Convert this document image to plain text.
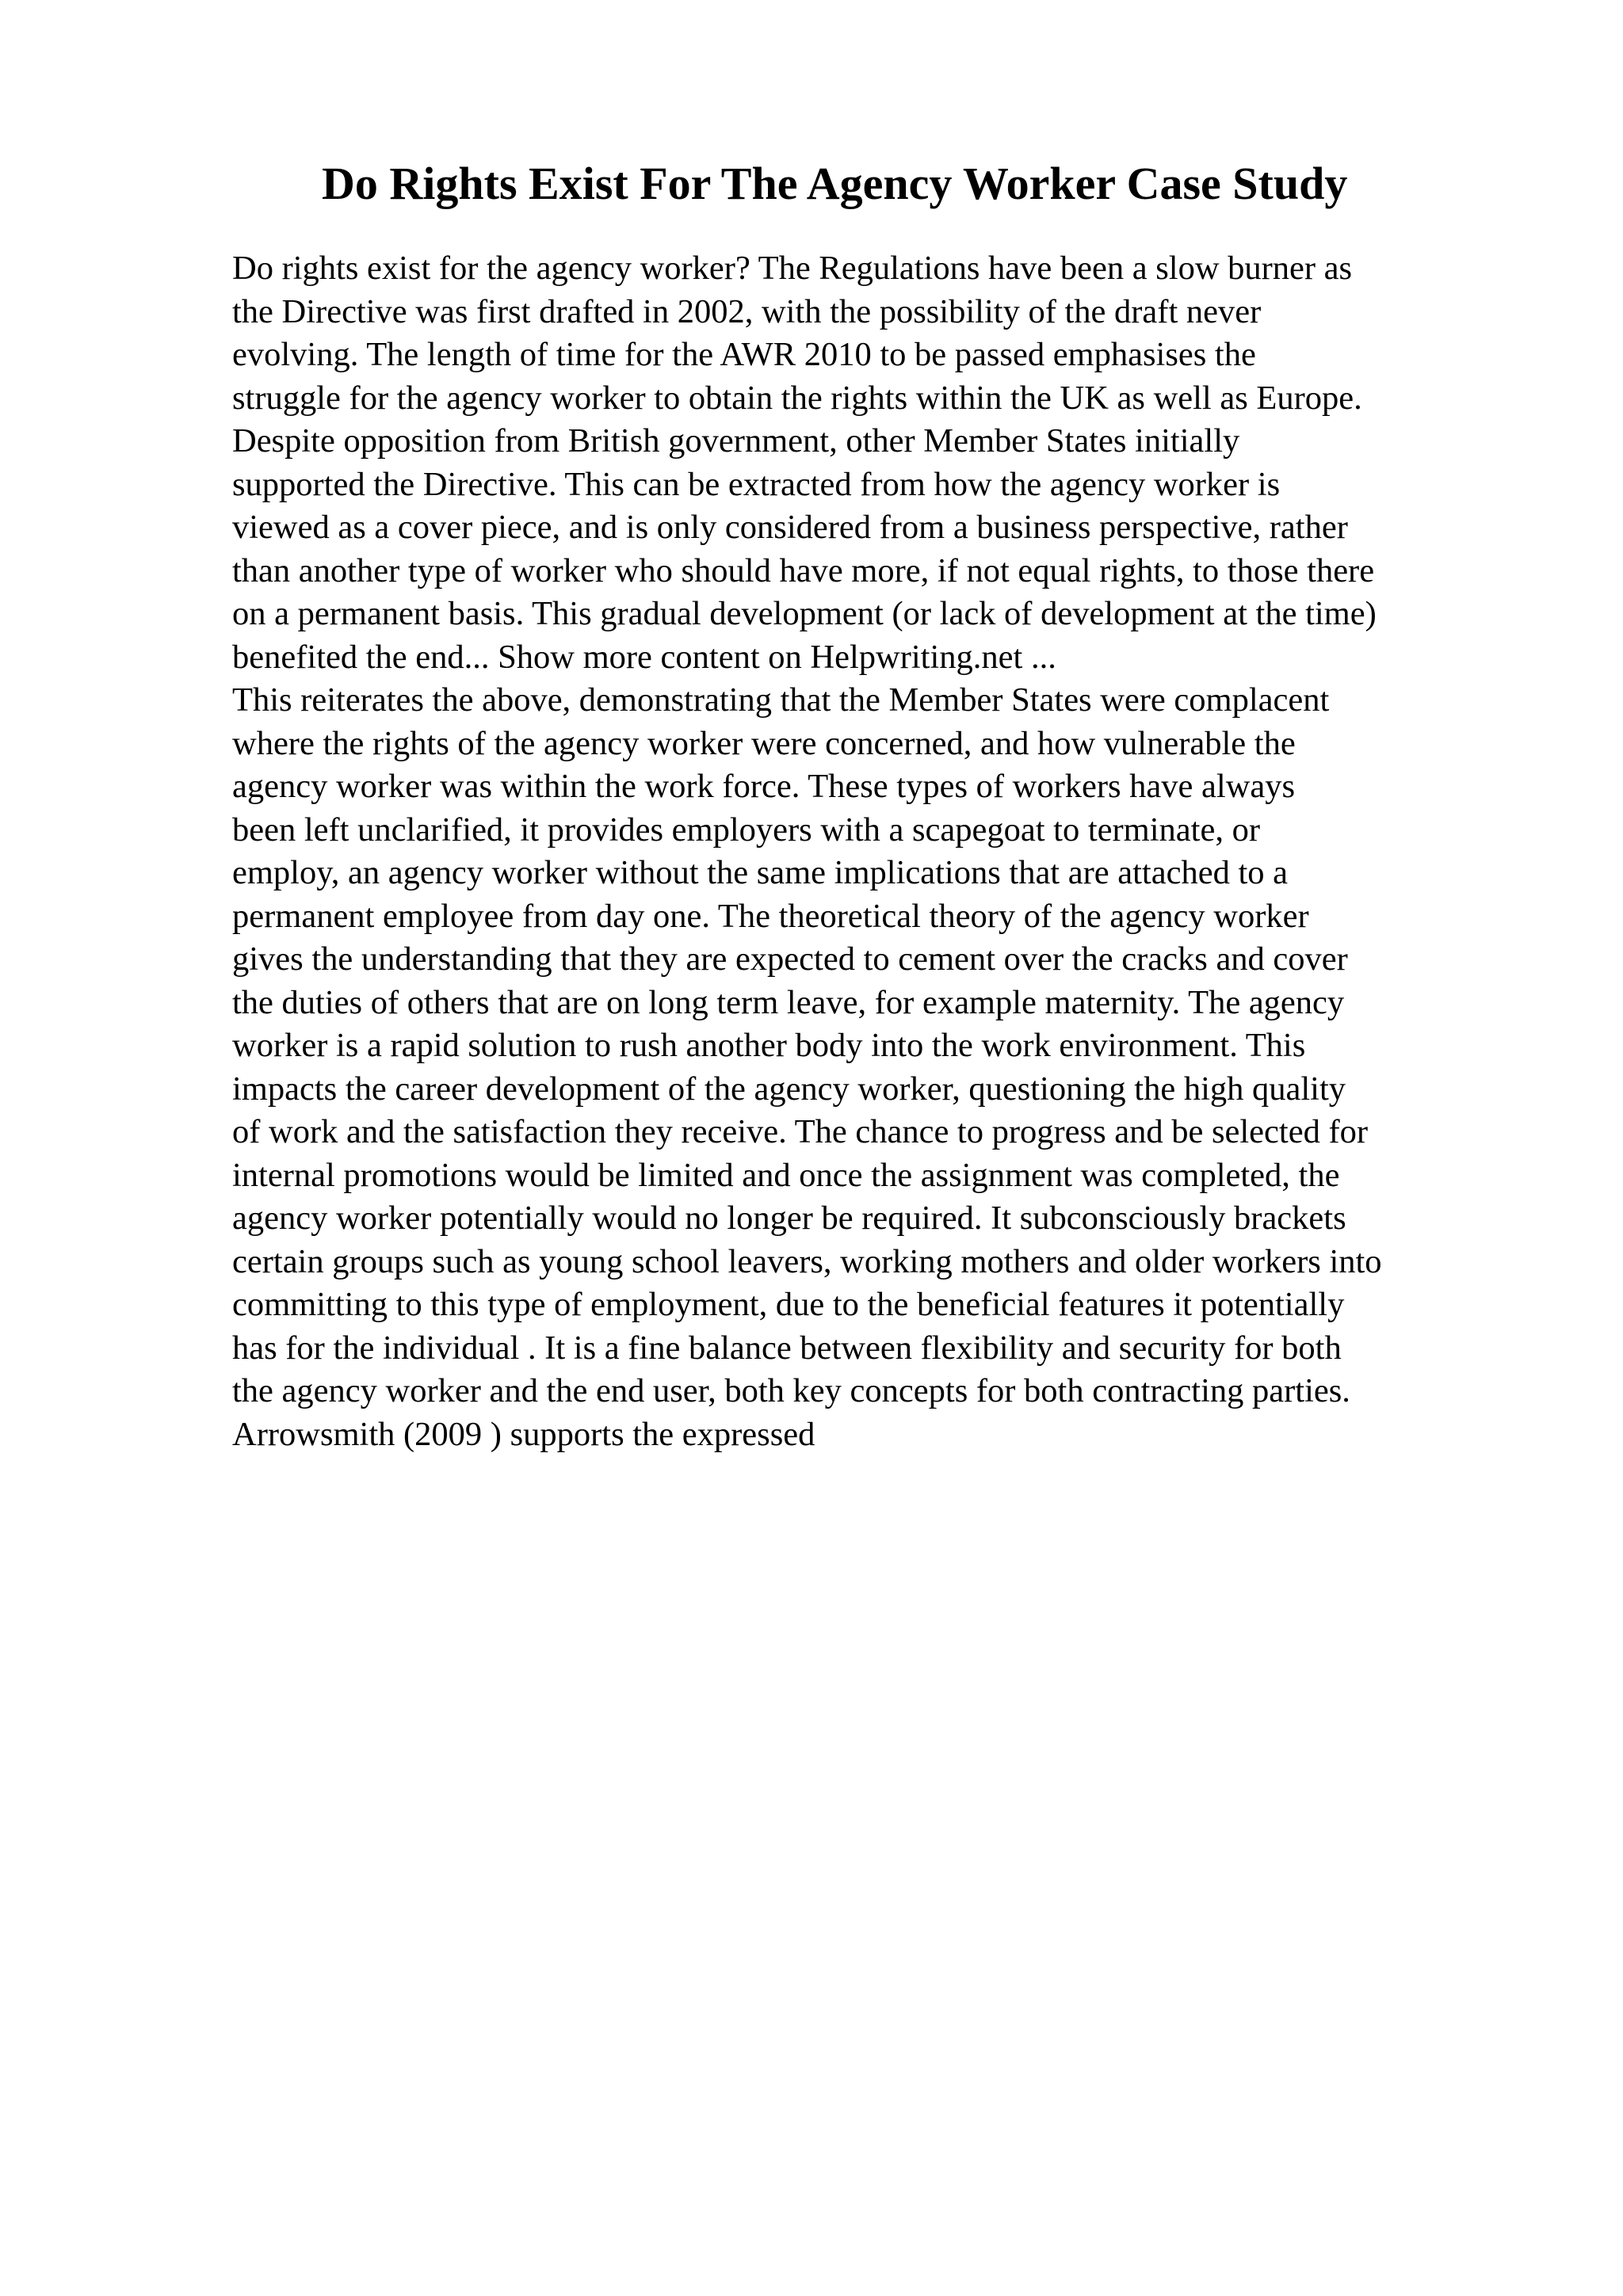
Do Rights Exist For The Agency Worker Case Study
Do rights exist for the agency worker? The Regulations have been a slow burner as
the Directive was first drafted in 2002, with the possibility of the draft never
evolving. The length of time for the AWR 2010 to be passed emphasises the
struggle for the agency worker to obtain the rights within the UK as well as Europe.
Despite opposition from British government, other Member States initially
supported the Directive. This can be extracted from how the agency worker is
viewed as a cover piece, and is only considered from a business perspective, rather
than another type of worker who should have more, if not equal rights, to those there
on a permanent basis. This gradual development (or lack of development at the time)
benefited the end... Show more content on Helpwriting.net ...
This reiterates the above, demonstrating that the Member States were complacent
where the rights of the agency worker were concerned, and how vulnerable the
agency worker was within the work force. These types of workers have always
been left unclarified, it provides employers with a scapegoat to terminate, or
employ, an agency worker without the same implications that are attached to a
permanent employee from day one. The theoretical theory of the agency worker
gives the understanding that they are expected to cement over the cracks and cover
the duties of others that are on long term leave, for example maternity. The agency
worker is a rapid solution to rush another body into the work environment. This
impacts the career development of the agency worker, questioning the high quality
of work and the satisfaction they receive. The chance to progress and be selected for
internal promotions would be limited and once the assignment was completed, the
agency worker potentially would no longer be required. It subconsciously brackets
certain groups such as young school leavers, working mothers and older workers into
committing to this type of employment, due to the beneficial features it potentially
has for the individual . It is a fine balance between flexibility and security for both
the agency worker and the end user, both key concepts for both contracting parties.
Arrowsmith (2009 ) supports the expressed
